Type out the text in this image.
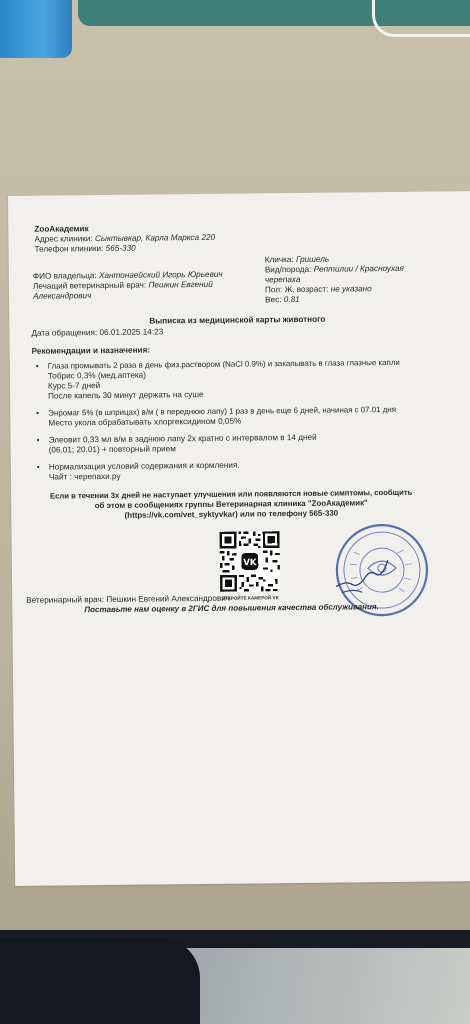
ZooАкадемик
Адрес клиники: Сыктывкар, Карла Маркса 220
Телефон клиники: 565-330
ФИО владельца: Хантонаейский Игорь Юрьевич
Лечащий ветеринарный врач: Пешкин Евгений
Александрович
Кличка: Гришель
Вид/порода: Рептилии / Красноухая
черепаха
Пол: Ж, возраст: не указано
Вес: 0.81
Выписка из медицинской карты животного
Дата обращения: 06.01.2025 14:23
Рекомендации и назначения:
• Глаза промывать 2 раза в день физ.раствором (NaCl 0.9%) и закапывать в глаза глазные капли
Тобрис 0,3% (мед.аптека)
Курс 5-7 дней
После капель 30 минут держать на суше
• Энромаг 5% (в шприцах) в/м ( в переднюю лапу) 1 раз в день еще 6 дней, начиная с 07.01 дня
Место укола обрабатывать хлоргексидином 0,05%
• Элеовит 0,33 мл в/м в заднюю лапу 2х кратно с интервалом в 14 дней
(06.01; 20.01) + повторный прием
• Нормализация условий содержания и кормления.
Чайт : черепахи.ру
Если в течении 3х дней не наступает улучшения или появляются новые симптомы, сообщить
об этом в сообщениях группы Ветеринарная клиника "ZooАкадемик"
(https://vk.com/vet_syktyvkar) или по телефону 565-330
VK
ОТКРОЙТЕ КАМЕРОЙ VK
Ветеринарный врач: Пешкин Евгений Александрович
Поставьте нам оценку в 2ГИС для повышения качества обслуживания.
